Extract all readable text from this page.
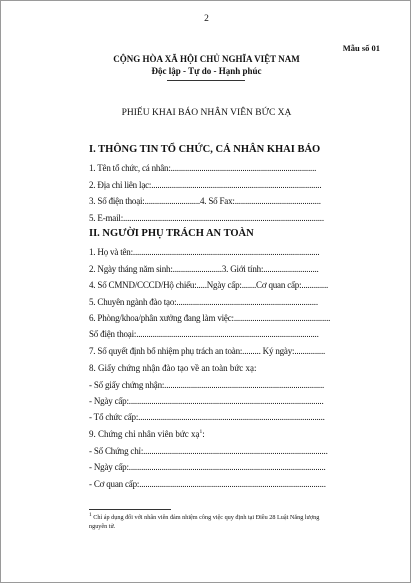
2
Mẫu số 01
CỘNG HÒA XÃ HỘI CHỦ NGHĨA VIỆT NAM
Độc lập - Tự do - Hạnh phúc
PHIẾU KHAI BÁO NHÂN VIÊN BỨC XẠ
I. THÔNG TIN TỔ CHỨC, CÁ NHÂN KHAI BÁO
1. Tên tổ chức, cá nhân:.......................................................................
2. Địa chỉ liên lạc:...................................................................................
3. Số điện thoại:...........................4. Số Fax:..........................................
5. E-mail:..................................................................................................
II. NGƯỜI PHỤ TRÁCH AN TOÀN
1. Họ và tên:...........................................................................................
2. Ngày tháng năm sinh:........................3. Giới tính:...........................
4. Số CMND/CCCD/Hộ chiếu:.....Ngày cấp:.......Cơ quan cấp:.............
5. Chuyên ngành đào tạo:.....................................................................
6. Phòng/khoa/phân xưởng đang làm việc:...............................................
Số điện thoại:.........................................................................................
7. Số quyết định bổ nhiệm phụ trách an toàn:......... Ký ngày:...............
8. Giấy chứng nhận đào tạo về an toàn bức xạ:
- Số giấy chứng nhận:..............................................................................
- Ngày cấp:...............................................................................................
- Tổ chức cấp:...........................................................................................
9. Chứng chỉ nhân viên bức xạ$^1$:
- Số Chứng chỉ:..........................................................................................
- Ngày cấp:................................................................................................
- Cơ quan cấp:...........................................................................................
$^1$ Chỉ áp dụng đối với nhân viên đảm nhiệm công việc quy định tại Điều 28 Luật Năng lượng
nguyên tử.
